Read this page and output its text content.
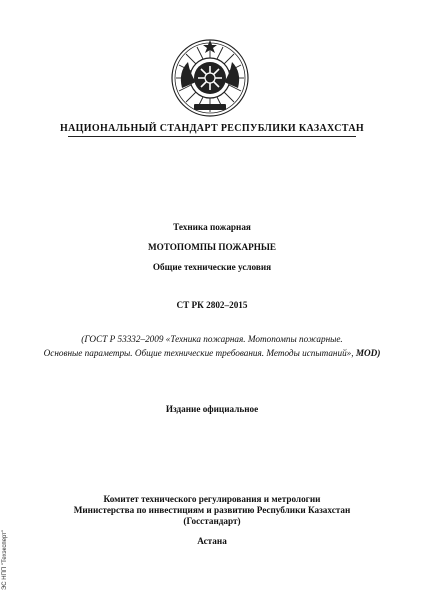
НАЦИОНАЛЬНЫЙ СТАНДАРТ РЕСПУБЛИКИ КАЗАХСТАН
Техника пожарная
МОТОПОМПЫ ПОЖАРНЫЕ
Общие технические условия
СТ РК 2802–2015
(ГОСТ Р 53332–2009 «Техника пожарная. Мотопомпы пожарные.
Основные параметры. Общие технические требования. Методы испытаний», MOD)
Издание официальное
Комитет технического регулирования и метрологии
Министерства по инвестициям и развитию Республики Казахстан
(Госстандарт)
Астана
ЭС НПП "Техэксперт"
